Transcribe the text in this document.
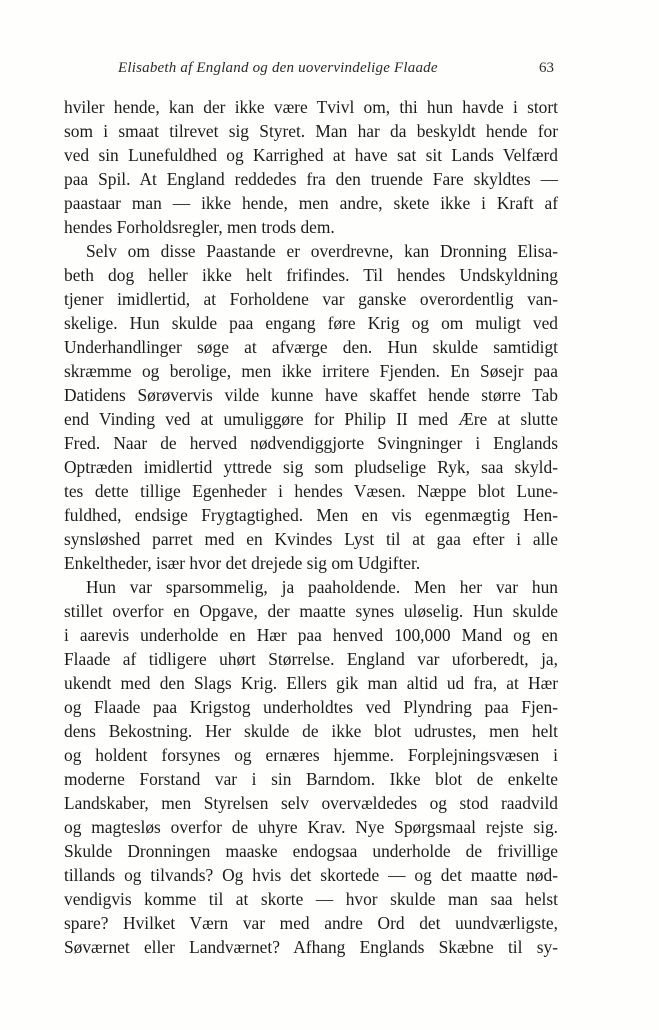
Elisabeth af England og den uovervindelige Flaade	63
hviler hende, kan der ikke være Tvivl om, thi hun havde i stort
som i smaat tilrevet sig Styret. Man har da beskyldt hende for
ved sin Lunefuldhed og Karrighed at have sat sit Lands Velfærd
paa Spil. At England reddedes fra den truende Fare skyldtes —
paastaar man — ikke hende, men andre, skete ikke i Kraft af
hendes Forholdsregler, men trods dem.
Selv om disse Paastande er overdrevne, kan Dronning Elisa-
beth dog heller ikke helt frifindes. Til hendes Undskyldning
tjener imidlertid, at Forholdene var ganske overordentlig van-
skelige. Hun skulde paa engang føre Krig og om muligt ved
Underhandlinger søge at afværge den. Hun skulde samtidigt
skræmme og berolige, men ikke irritere Fjenden. En Søsejr paa
Datidens Sørøvervis vilde kunne have skaffet hende større Tab
end Vinding ved at umuliggøre for Philip II med Ære at slutte
Fred. Naar de herved nødvendiggjorte Svingninger i Englands
Optræden imidlertid yttrede sig som pludselige Ryk, saa skyld-
tes dette tillige Egenheder i hendes Væsen. Næppe blot Lune-
fuldhed, endsige Frygtagtighed. Men en vis egenmægtig Hen-
synsløshed parret med en Kvindes Lyst til at gaa efter i alle
Enkeltheder, især hvor det drejede sig om Udgifter.
Hun var sparsommelig, ja paaholdende. Men her var hun
stillet overfor en Opgave, der maatte synes uløselig. Hun skulde
i aarevis underholde en Hær paa henved 100,000 Mand og en
Flaade af tidligere uhørt Størrelse. England var uforberedt, ja,
ukendt med den Slags Krig. Ellers gik man altid ud fra, at Hær
og Flaade paa Krigstog underholdtes ved Plyndring paa Fjen-
dens Bekostning. Her skulde de ikke blot udrustes, men helt
og holdent forsynes og ernæres hjemme. Forplejningsvæsen i
moderne Forstand var i sin Barndom. Ikke blot de enkelte
Landskaber, men Styrelsen selv overvældedes og stod raadvild
og magtesløs overfor de uhyre Krav. Nye Spørgsmaal rejste sig.
Skulde Dronningen maaske endogsaa underholde de frivillige
tillands og tilvands? Og hvis det skortede — og det maatte nød-
vendigvis komme til at skorte — hvor skulde man saa helst
spare? Hvilket Værn var med andre Ord det uundværligste,
Søværnet eller Landværnet? Afhang Englands Skæbne til sy-
